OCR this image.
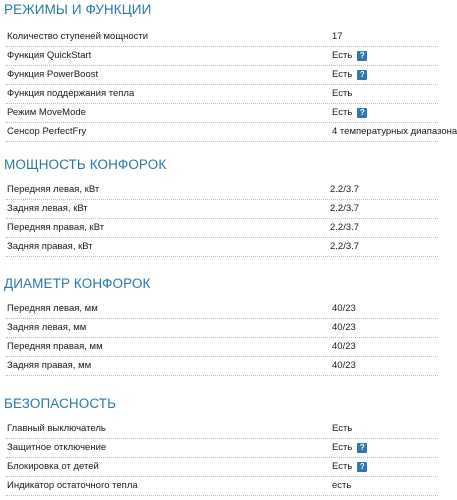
РЕЖИМЫ И ФУНКЦИИ
Количество ступеней мощности	17
Функция QuickStart	Есть ?
Функция PowerBoost	Есть ?
Функция поддержания тепла	Есть
Режим MoveMode	Есть ?
Сенсор PerfectFry	4 температурных диапазона
МОЩНОСТЬ КОНФОРОК
Передняя левая, кВт	2.2/3.7
Задняя левая, кВт	2.2/3.7
Передняя правая, кВт	2.2/3.7
Задняя правая, кВт	2.2/3.7
ДИАМЕТР КОНФОРОК
Передняя левая, мм	40/23
Задняя левая, мм	40/23
Передняя правая, мм	40/23
Задняя правая, мм	40/23
БЕЗОПАСНОСТЬ
Главный выключатель	Есть
Защитное отключение	Есть ?
Блокировка от детей	Есть ?
Индикатор остаточного тепла	есть
